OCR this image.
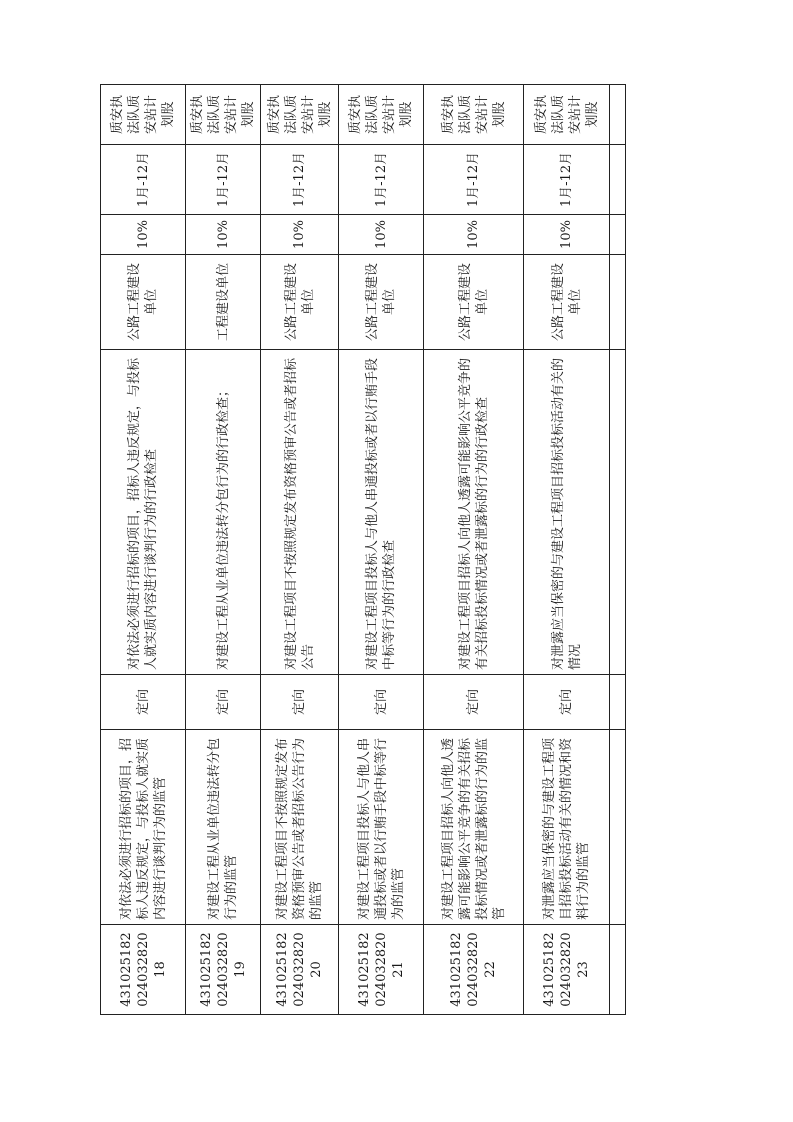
43102518202403282018	对依法必须进行招标的项目，招标人违反规定，与投标人就实质内容进行谈判行为的监管	定向	对依法必须进行招标的项目，招标人违反规定，与投标人就实质内容进行谈判行为的行政检查	公路工程建设单位	10%	1月-12月	质安执法队质安站计划股
43102518202403282019	对建设工程从业单位违法转分包行为的监管	定向	对建设工程从业单位违法转分包行为的行政检查；	工程建设单位	10%	1月-12月	质安执法队质安站计划股
43102518202403282020	对建设工程项目不按照规定发布资格预审公告或者招标公告行为的监管	定向	对建设工程项目不按照规定发布资格预审公告或者招标公告	公路工程建设单位	10%	1月-12月	质安执法队质安站计划股
43102518202403282021	对建设工程项目投标人与他人串通投标或者以行贿手段中标等行为的监管	定向	对建设工程项目投标人与他人串通投标或者以行贿手段中标等行为的行政检查	公路工程建设单位	10%	1月-12月	质安执法队质安站计划股
43102518202403282022	对建设工程项目招标人向他人透露可能影响公平竞争的有关招标投标情况或者泄露标的行为的监管	定向	对建设工程项目招标人向他人透露可能影响公平竞争的有关招标投标情况或者泄露标的行为的行政检查	公路工程建设单位	10%	1月-12月	质安执法队质安站计划股
43102518202403282023	对泄露应当保密的与建设工程项目招标投标活动有关的情况和资料行为的监管	定向	对泄露应当保密的与建设工程项目招标投标活动有关的情况	公路工程建设单位	10%	1月-12月	质安执法队质安站计划股
